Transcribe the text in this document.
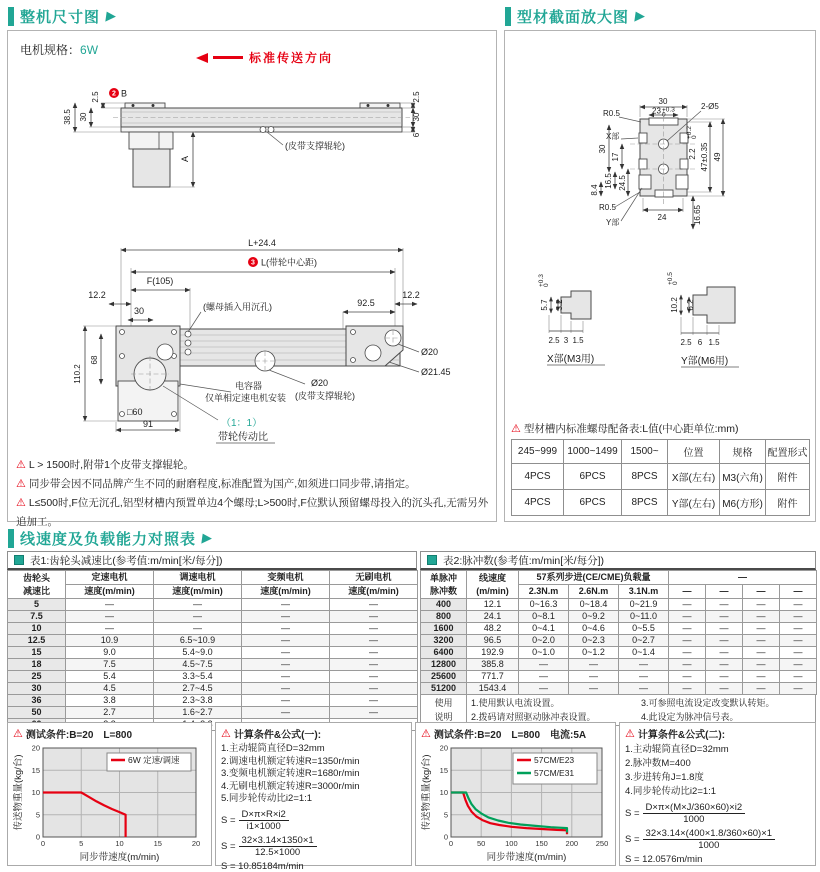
整机尺寸图 ▶
电机规格：6W
标准传送方向
(皮带支撑辊轮)
2.5 2 B
38.5 30
A
2.5
30
6
L+24.4
3 L(带轮中心距)
F(105)
12.2	12.2
30
92.5
(螺母插入用沉孔)
Ø20
Ø21.45
Ø20
(皮带支撑辊轮)
电容器
仅单相定速电机安装
110.2
68
□60
91	（1：1）
带轮传动比
⚠ L > 1500时,附带1个皮带支撑辊轮。
⚠ 同步带会因不同品牌产生不同的耐磨程度,标准配置为国产,如须进口同步带,请指定。
⚠ L≤500时,F位无沉孔,铝型材槽内预置单边4个螺母;L>500时,F位默认预留螺母投入的沉头孔,无需另外追加工。
型材截面放大图 ▶
30
23 +0.3 0
2-Ø5
R0.5
X部
30
17
16.5 24.5
8.4
R0.5
Y部
24	16.65
2.2
+0.20
47±0.35 49
5.7
+0.30
3.2
2.5 3 1.5
X部(M3用)
10.2
+0.50
6.2
2.5 6 1.5
Y部(M6用)
⚠ 型材槽内标准螺母配备表:L值(中心距单位:mm)
245~999	1000~1499	1500~	位置	规格	配置形式
4PCS	6PCS	8PCS	X部(左右)	M3(六角)	附件
4PCS	6PCS	8PCS	Y部(左右)	M6(方形)	附件
线速度及负载能力对照表 ▶
表1:齿轮头减速比(参考值:m/min[米/每分])
齿轮头
减速比	定速电机	调速电机	变频电机	无刷电机
	速度(m/min)	速度(m/min)	速度(m/min)	速度(m/min)
5	—	—	—	—
7.5	—	—	—	—
10	—	—	—	—
12.5	10.9	6.5~10.9	—	—
15	9.0	5.4~9.0	—	—
18	7.5	4.5~7.5	—	—
25	5.4	3.3~5.4	—	—
30	4.5	2.7~4.5	—	—
36	3.8	2.3~3.8	—	—
50	2.7	1.6~2.7	—	—

表2:脉冲数(参考值:m/min[米/每分])
单脉冲
脉冲数

线速度
(m/min)
	57系列步进(CE/CME)负载量	—
		2.3N.m	2.6N.m	3.1N.m	—	—	—	—
400	12.1	0~16.3	0~18.4	0~21.9	—	—	—	—
800	24.1	0~8.1	0~9.2	0~11.0	—	—	—	—
1600	48.2	0~4.1	0~4.6	0~5.5	—	—	—	—
3200	96.5	0~2.0	0~2.3	0~2.7	—	—	—	—
6400	192.9	0~1.0	0~1.2	0~1.4	—	—	—	—
12800	385.8	—	—	—	—	—	—	—
25600	771.7	—	—	—	—	—	—	—
51200	1543.4	—	—	—	—	—	—	—
使用
说明
1.使用默认电流设置。	3.可参照电流设定改变默认转矩。
2.拨码请对照驱动脉冲表设置。	4.此设定为脉冲信号表。
⚠ 测试条件:B=20　L=800
0	5	10	15	20
0
5
10
15
20
同步带速度(m/min)
传送物重量(kg/台)	6W 定速/调速
⚠ 计算条件&公式(一):
1.主动辊筒直径D=32mm
2.调速电机额定转速R=1350r/min
3.变频电机额定转速R=1680r/min
4.无刷电机额定转速R=3000r/min
5.同步轮传动比i2=1:1
$S = \frac{D\times\pi\times R\times i2}{i1\times 1000}$
$S = \frac{32\times 3.14\times 1350\times 1}{12.5\times 1000}$
S = 10.85184m/min
⚠ 测试条件:B=20　L=800　电流:5A
0	50	100 150 200 250
0
5
10
15
20
同步带速度(m/min)
传送物重量(kg/台)	57CM/E23
57CM/E31
⚠ 计算条件&公式(二):
1.主动辊筒直径D=32mm
2.脉冲数M=400
3.步进转角J=1.8度
4.同步轮传动比i2=1:1
$S = \frac{D\times\pi\times(M\times J/360\times 60)\times i2}{1000}$
$S = \frac{32\times 3.14\times(400\times 1.8/360\times 60)\times 1}{1000}$
S = 12.0576m/min
